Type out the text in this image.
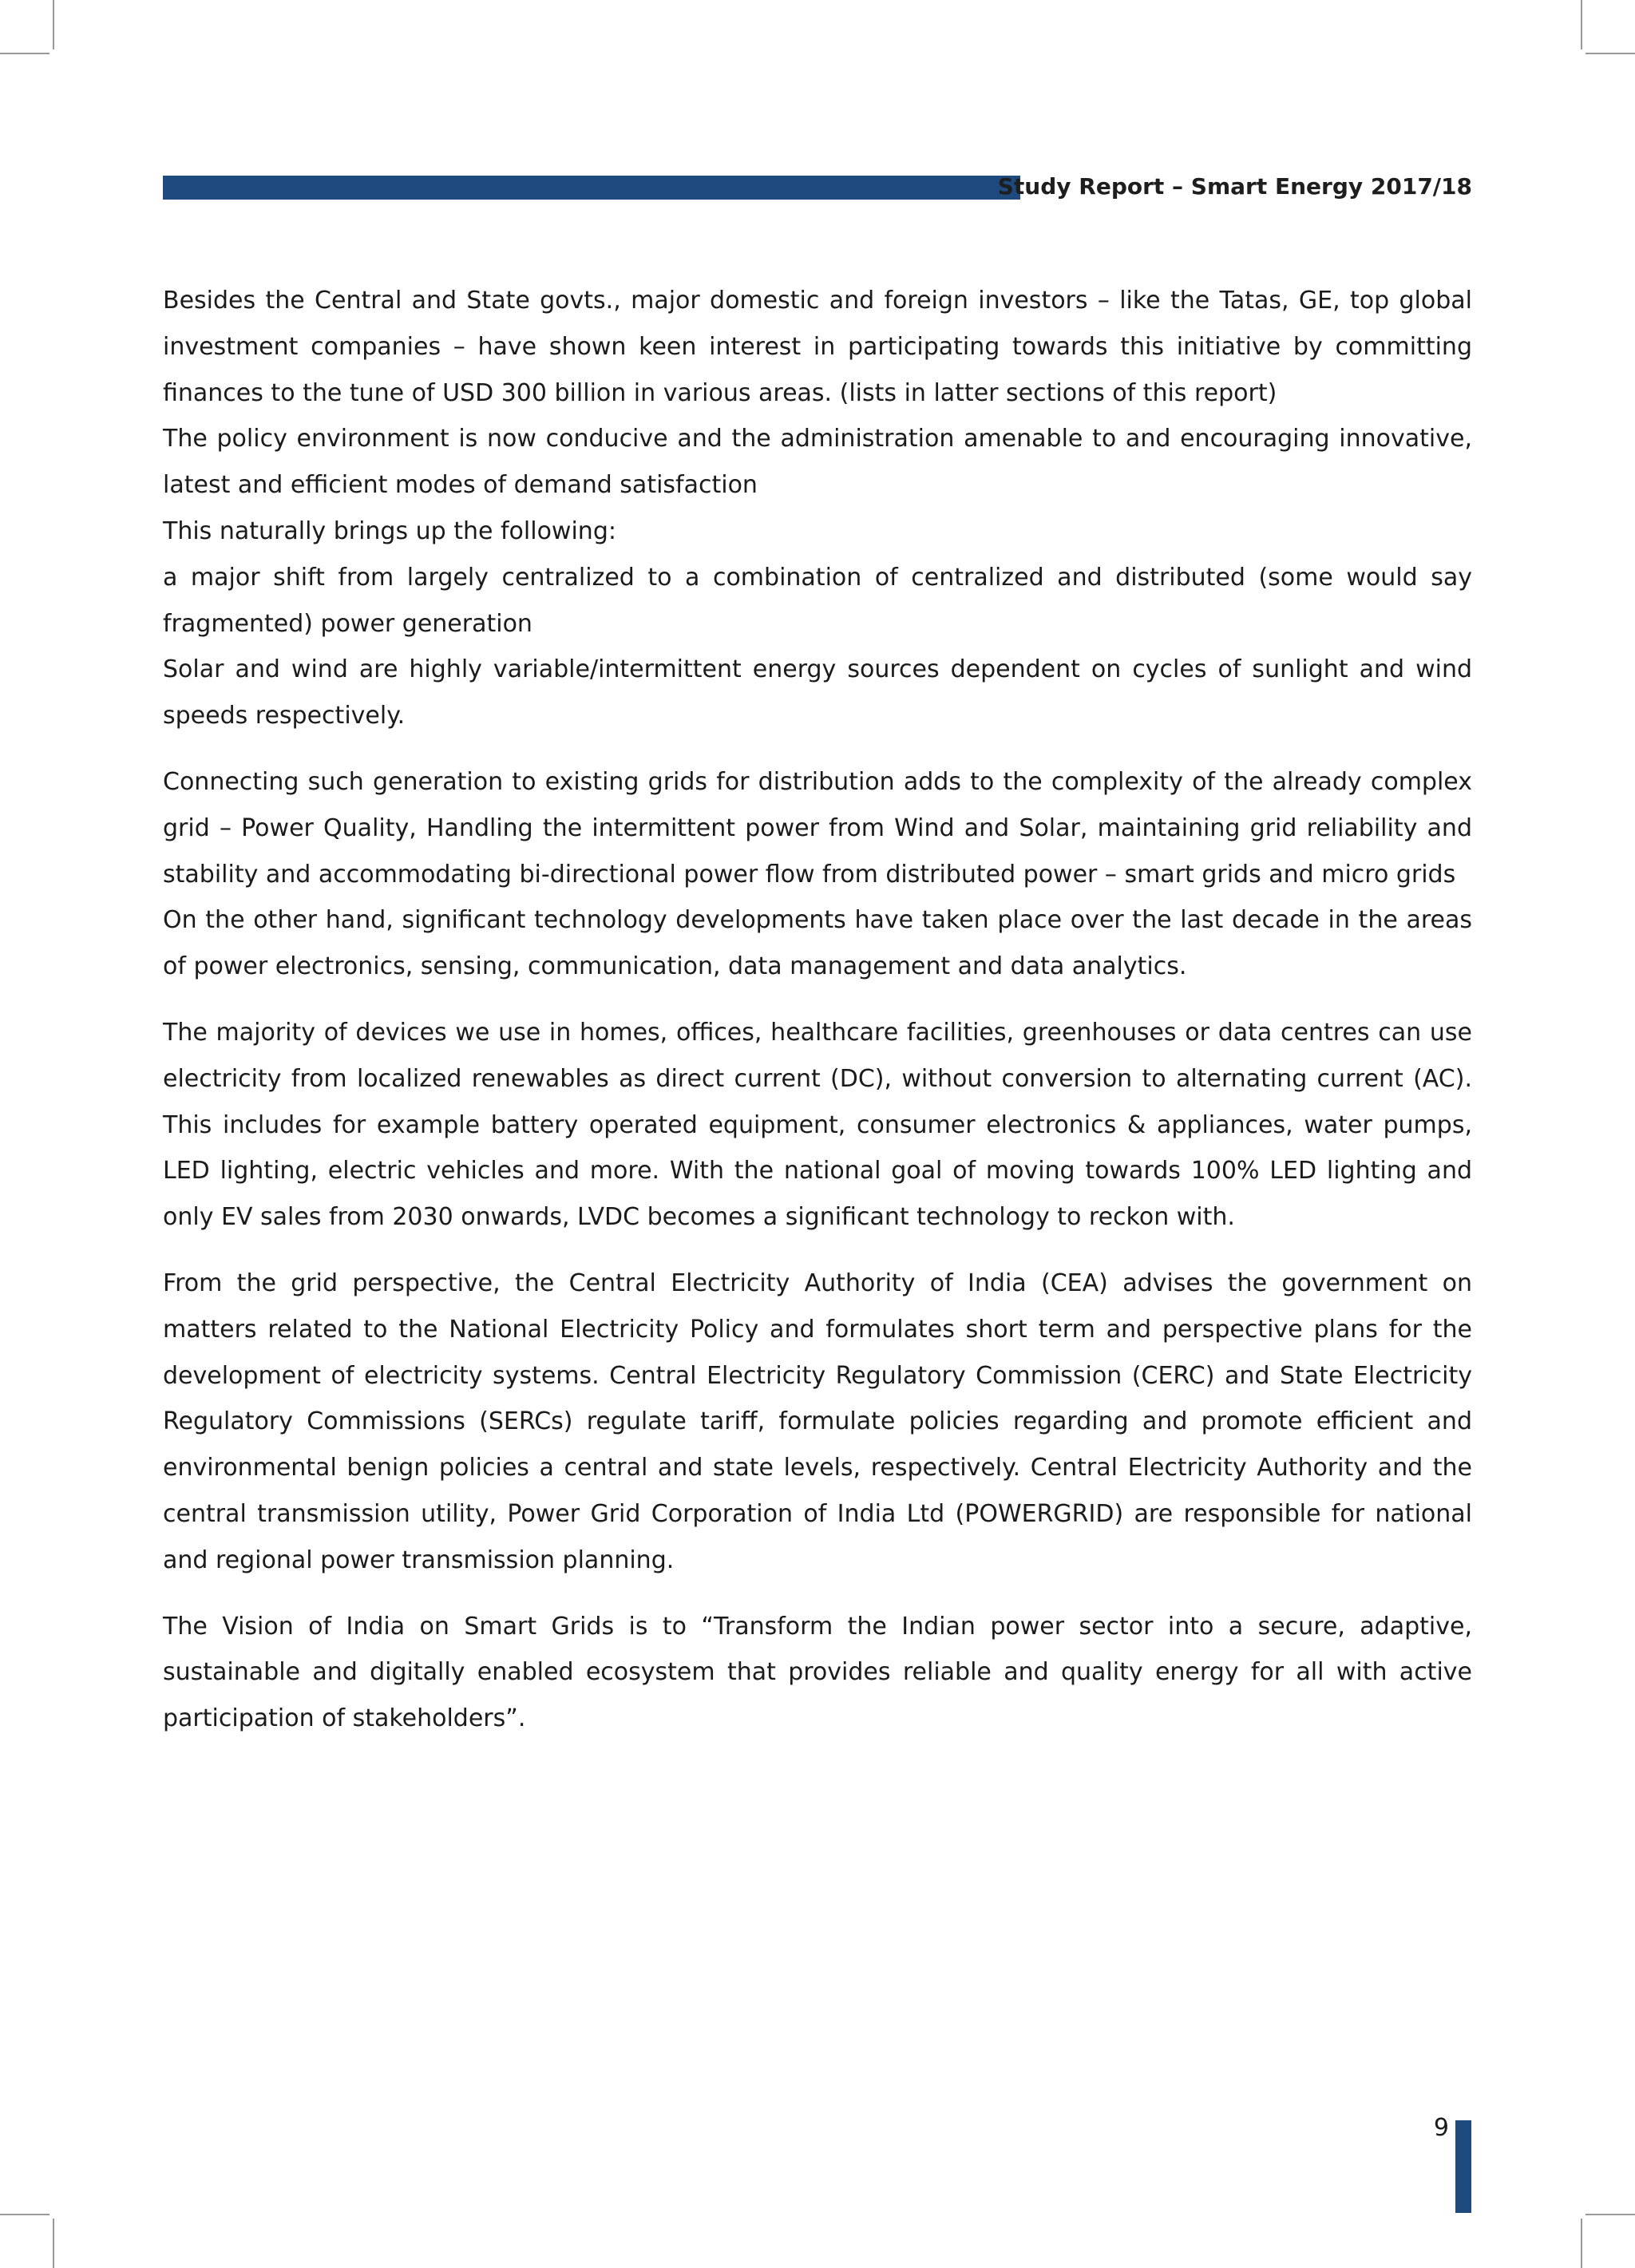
Study Report – Smart Energy 2017/18

Besides the Central and State govts., major domestic and foreign investors – like the Tatas, GE, top global investment companies – have shown keen interest in participating towards this initiative by committing finances to the tune of USD 300 billion in various areas. (lists in latter sections of this report)

The policy environment is now conducive and the administration amenable to and encouraging innovative, latest and efficient modes of demand satisfaction

This naturally brings up the following:

a major shift from largely centralized to a combination of centralized and distributed (some would say fragmented) power generation

Solar and wind are highly variable/intermittent energy sources dependent on cycles of sunlight and wind speeds respectively.

Connecting such generation to existing grids for distribution adds to the complexity of the already complex grid – Power Quality, Handling the intermittent power from Wind and Solar, maintaining grid reliability and stability and accommodating bi-directional power flow from distributed power – smart grids and micro grids

On the other hand, significant technology developments have taken place over the last decade in the areas of power electronics, sensing, communication, data management and data analytics.

The majority of devices we use in homes, offices, healthcare facilities, greenhouses or data centres can use electricity from localized renewables as direct current (DC), without conversion to alternating current (AC). This includes for example battery operated equipment, consumer electronics & appliances, water pumps, LED lighting, electric vehicles and more. With the national goal of moving towards 100% LED lighting and only EV sales from 2030 onwards, LVDC becomes a significant technology to reckon with.

From the grid perspective, the Central Electricity Authority of India (CEA) advises the government on matters related to the National Electricity Policy and formulates short term and perspective plans for the development of electricity systems. Central Electricity Regulatory Commission (CERC) and State Electricity Regulatory Commissions (SERCs) regulate tariff, formulate policies regarding and promote efficient and environmental benign policies a central and state levels, respectively. Central Electricity Authority and the central transmission utility, Power Grid Corporation of India Ltd (POWERGRID) are responsible for national and regional power transmission planning.

The Vision of India on Smart Grids is to “Transform the Indian power sector into a secure, adaptive, sustainable and digitally enabled ecosystem that provides reliable and quality energy for all with active participation of stakeholders”.

9
